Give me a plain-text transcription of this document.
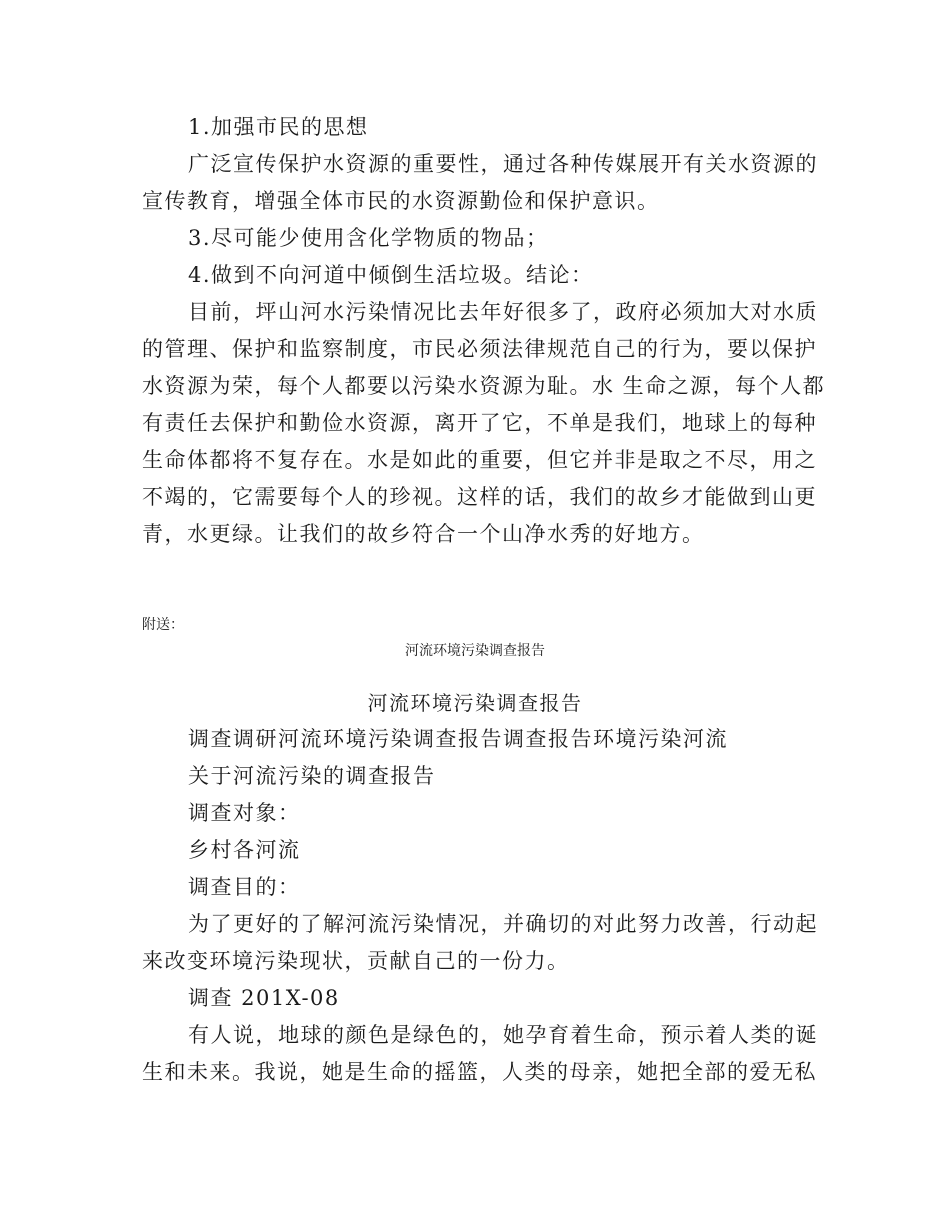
1.加强市民的思想
广泛宣传保护水资源的重要性，通过各种传媒展开有关水资源的
宣传教育，增强全体市民的水资源勤俭和保护意识。
3.尽可能少使用含化学物质的物品；
4.做到不向河道中倾倒生活垃圾。结论：
目前，坪山河水污染情况比去年好很多了，政府必须加大对水质
的管理、保护和监察制度，市民必须法律规范自己的行为，要以保护
水资源为荣，每个人都要以污染水资源为耻。水 生命之源，每个人都
有责任去保护和勤俭水资源，离开了它，不单是我们，地球上的每种
生命体都将不复存在。水是如此的重要，但它并非是取之不尽，用之
不竭的，它需要每个人的珍视。这样的话，我们的故乡才能做到山更
青，水更绿。让我们的故乡符合一个山净水秀的好地方。
附送：
河流环境污染调查报告
河流环境污染调查报告
调查调研河流环境污染调查报告调查报告环境污染河流
关于河流污染的调查报告
调查对象：
乡村各河流
调查目的：
为了更好的了解河流污染情况，并确切的对此努力改善，行动起
来改变环境污染现状，贡献自己的一份力。
调查 201X-08
有人说，地球的颜色是绿色的，她孕育着生命，预示着人类的诞
生和未来。我说，她是生命的摇篮，人类的母亲，她把全部的爱无私
